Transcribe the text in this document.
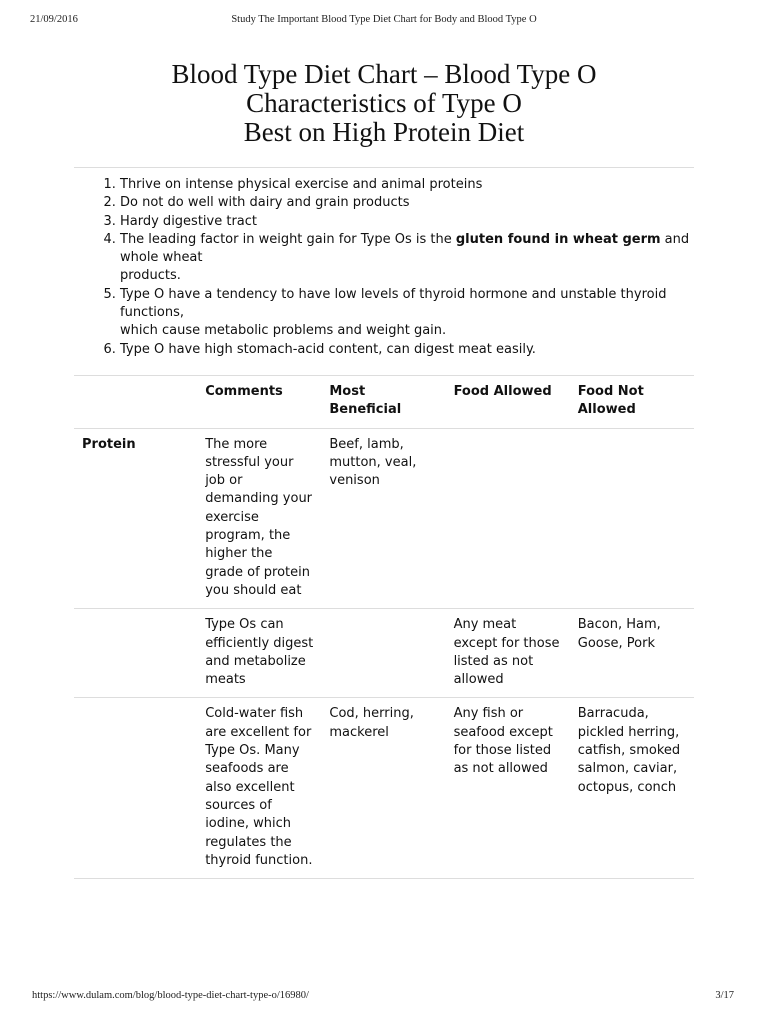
21/09/2016	Study The Important Blood Type Diet Chart for Body and Blood Type O
Blood Type Diet Chart – Blood Type O
Characteristics of Type O
Best on High Protein Diet
1. Thrive on intense physical exercise and animal proteins
2. Do not do well with dairy and grain products
3. Hardy digestive tract
4. The leading factor in weight gain for Type Os is the gluten found in wheat germ and whole wheat
products.
5. Type O have a tendency to have low levels of thyroid hormone and unstable thyroid functions,
which cause metabolic problems and weight gain.
6. Type O have high stomach-acid content, can digest meat easily.
	Comments	Most Beneficial	Food Allowed	Food Not Allowed
Protein	The more stressful your job or demanding your exercise program, the higher the grade of protein you should eat	Beef, lamb, mutton, veal, venison		
	Type Os can efficiently digest and metabolize meats		Any meat except for those listed as not allowed	Bacon, Ham, Goose, Pork
	Cold-water fish are excellent for Type Os. Many seafoods are also excellent sources of iodine, which regulates the thyroid function.	Cod, herring, mackerel	Any fish or seafood except for those listed as not allowed	Barracuda, pickled herring, catfish, smoked salmon, caviar, octopus, conch
https://www.dulam.com/blog/blood-type-diet-chart-type-o/16980/	3/17
